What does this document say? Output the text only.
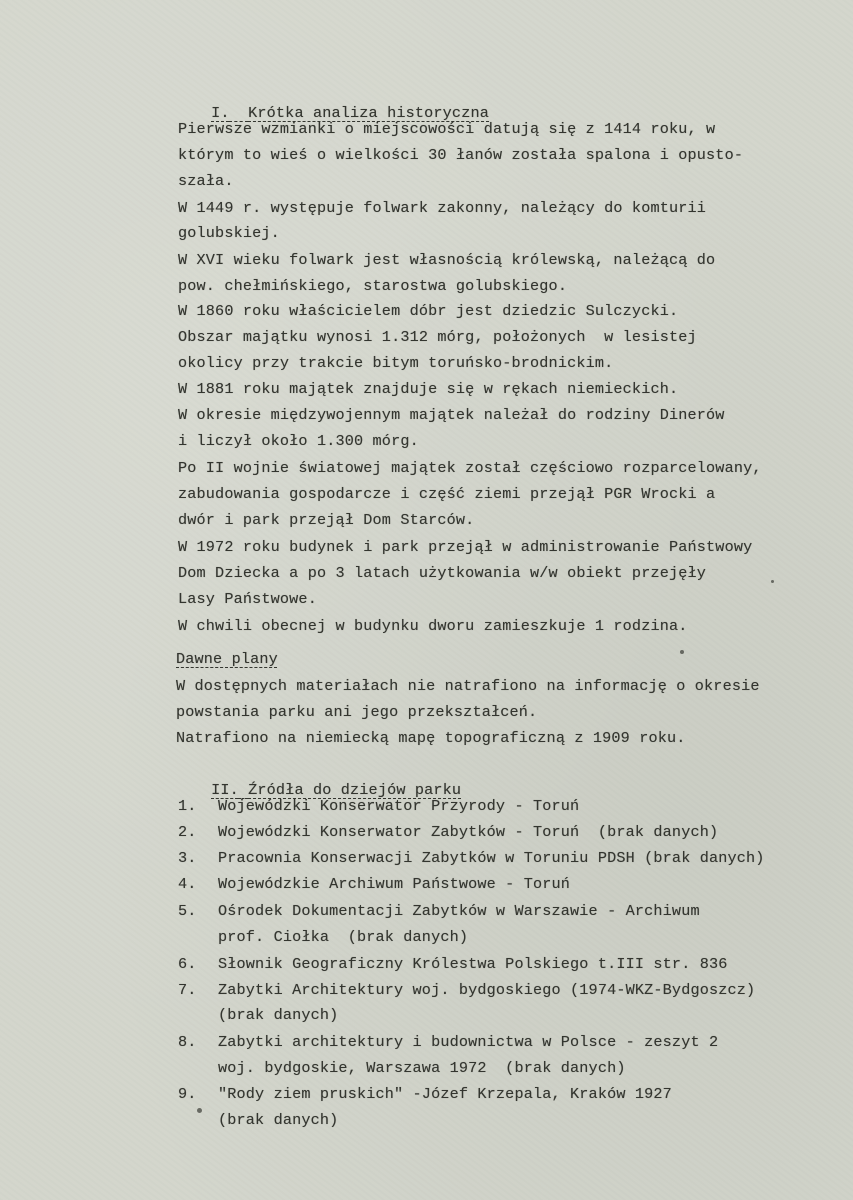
I. Krótka analiza historyczna

Pierwsze wzmianki o miejscowości datują się z 1414 roku, w
którym to wieś o wielkości 30 łanów została spalona i opusto-
szała.
W 1449 r. występuje folwark zakonny, należący do komturii
golubskiej.
W XVI wieku folwark jest własnością królewską, należącą do
pow. chełmińskiego, starostwa golubskiego.
W 1860 roku właścicielem dóbr jest dziedzic Sulczycki.
Obszar majątku wynosi 1.312 mórg, położonych  w lesistej
okolicy przy trakcie bitym toruńsko-brodnickim.
W 1881 roku majątek znajduje się w rękach niemieckich.
W okresie międzywojennym majątek należał do rodziny Dinerów
i liczył około 1.300 mórg.
Po II wojnie światowej majątek został częściowo rozparcelowany,
zabudowania gospodarcze i część ziemi przejął PGR Wrocki a
dwór i park przejął Dom Starców.
W 1972 roku budynek i park przejął w administrowanie Państwowy
Dom Dziecka a po 3 latach użytkowania w/w obiekt przejęły
Lasy Państwowe.
W chwili obecnej w budynku dworu zamieszkuje 1 rodzina.
Dawne plany
W dostępnych materiałach nie natrafiono na informację o okresie
powstania parku ani jego przekształceń.
Natrafiono na niemiecką mapę topograficzną z 1909 roku.

II. Źródła do dziejów parku

1. Wojewódzki Konserwator Przyrody - Toruń
2. Wojewódzki Konserwator Zabytków - Toruń  (brak danych)
3. Pracownia Konserwacji Zabytków w Toruniu PDSH (brak danych)
4. Wojewódzkie Archiwum Państwowe - Toruń
5. Ośrodek Dokumentacji Zabytków w Warszawie - Archiwum
prof. Ciołka  (brak danych)
6. Słownik Geograficzny Królestwa Polskiego t.III str. 836
7. Zabytki Architektury woj. bydgoskiego (1974-WKZ-Bydgoszcz)
(brak danych)
8. Zabytki architektury i budownictwa w Polsce - zeszyt 2
woj. bydgoskie, Warszawa 1972  (brak danych)
9. "Rody ziem pruskich" -Józef Krzepala, Kraków 1927
(brak danych)
